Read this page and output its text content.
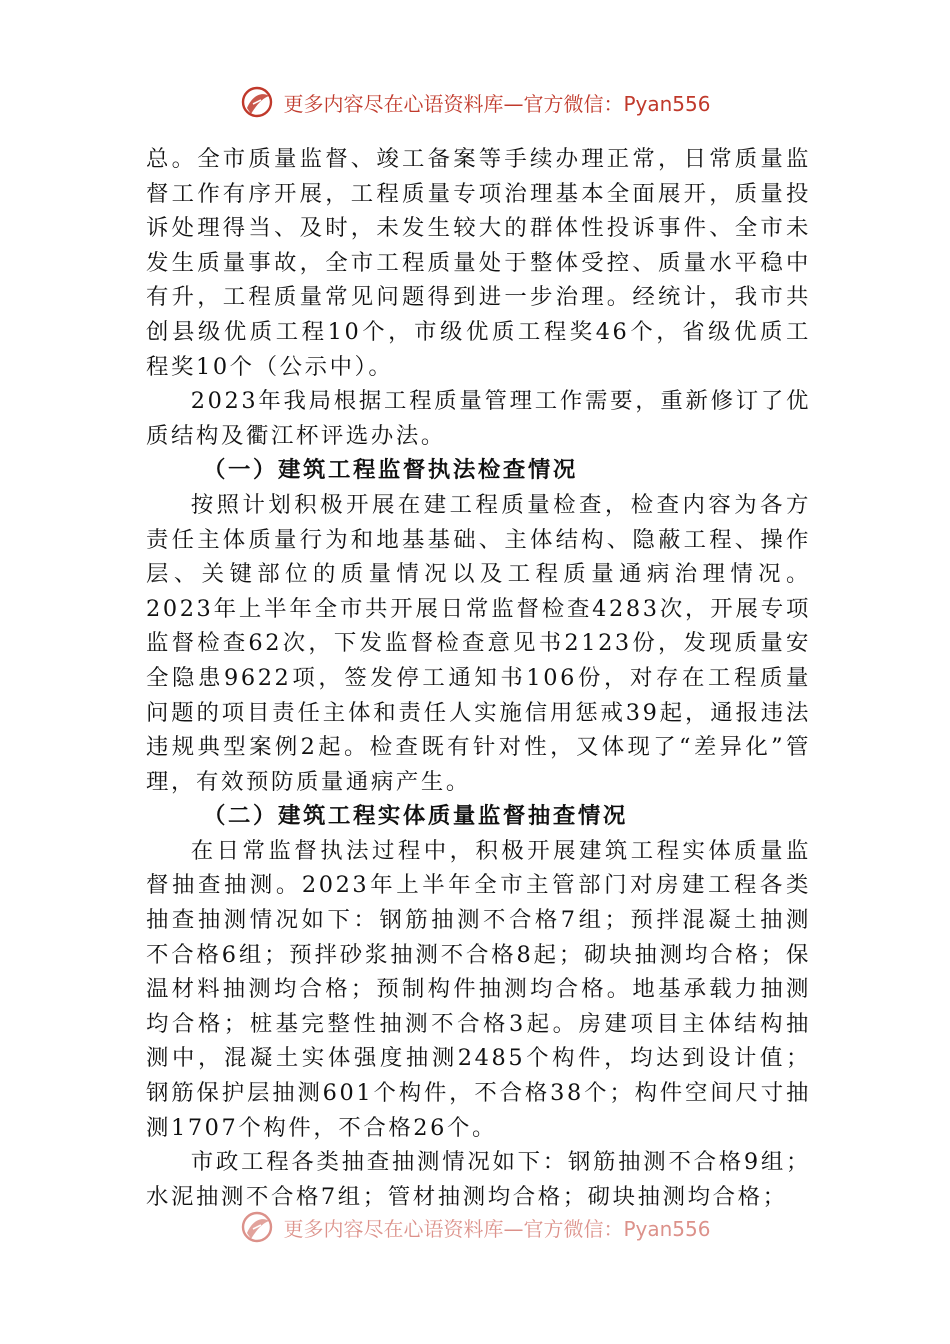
更多内容尽在心语资料库—官方微信：Pyan556

总。全市质量监督、竣工备案等手续办理正常，日常质量监督工作有序开展，工程质量专项治理基本全面展开，质量投诉处理得当、及时，未发生较大的群体性投诉事件、全市未发生质量事故，全市工程质量处于整体受控、质量水平稳中有升，工程质量常见问题得到进一步治理。经统计，我市共创县级优质工程10个，市级优质工程奖46个，省级优质工程奖10个（公示中）。

2023年我局根据工程质量管理工作需要，重新修订了优质结构及衢江杯评选办法。

（一）建筑工程监督执法检查情况

按照计划积极开展在建工程质量检查，检查内容为各方责任主体质量行为和地基基础、主体结构、隐蔽工程、操作层、关键部位的质量情况以及工程质量通病治理情况。2023年上半年全市共开展日常监督检查4283次，开展专项监督检查62次，下发监督检查意见书2123份，发现质量安全隐患9622项，签发停工通知书106份，对存在工程质量问题的项目责任主体和责任人实施信用惩戒39起，通报违法违规典型案例2起。检查既有针对性，又体现了“差异化”管理，有效预防质量通病产生。

（二）建筑工程实体质量监督抽查情况

在日常监督执法过程中，积极开展建筑工程实体质量监督抽查抽测。2023年上半年全市主管部门对房建工程各类抽查抽测情况如下：钢筋抽测不合格7组；预拌混凝土抽测不合格6组；预拌砂浆抽测不合格8起；砌块抽测均合格；保温材料抽测均合格；预制构件抽测均合格。地基承载力抽测均合格；桩基完整性抽测不合格3起。房建项目主体结构抽测中，混凝土实体强度抽测2485个构件，均达到设计值；钢筋保护层抽测601个构件，不合格38个；构件空间尺寸抽测1707个构件，不合格26个。

市政工程各类抽查抽测情况如下：钢筋抽测不合格9组；水泥抽测不合格7组；管材抽测均合格；砌块抽测均合格；

更多内容尽在心语资料库—官方微信：Pyan556
